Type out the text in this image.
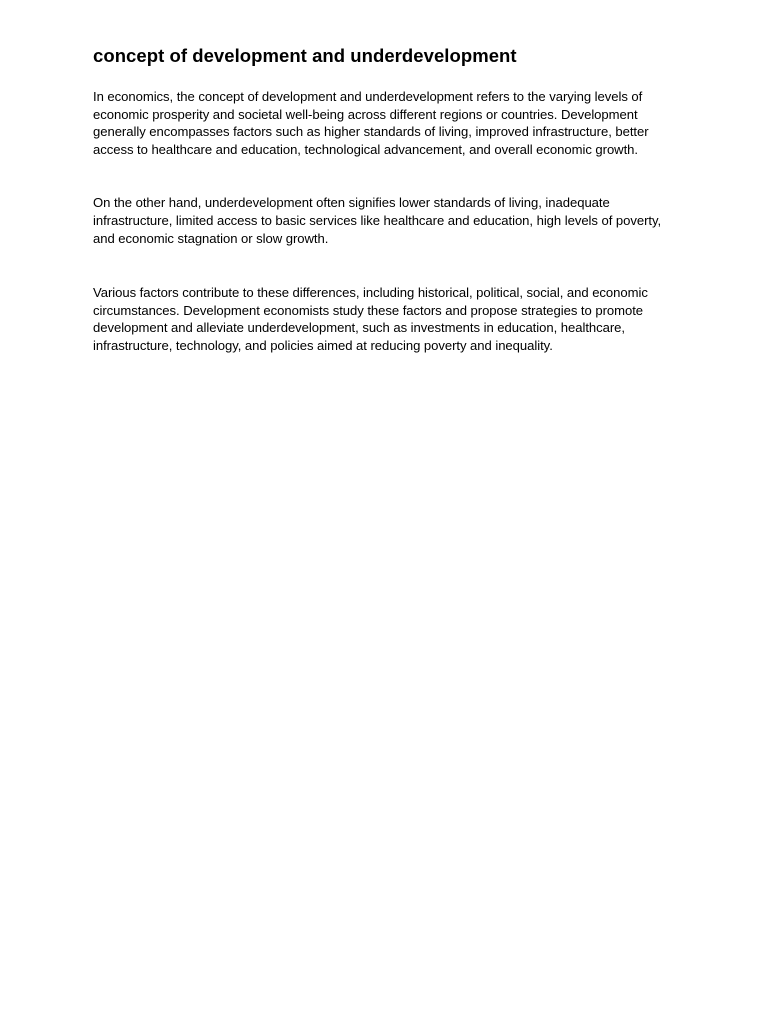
concept of development and underdevelopment

In economics, the concept of development and underdevelopment refers to the varying levels of economic prosperity and societal well-being across different regions or countries. Development generally encompasses factors such as higher standards of living, improved infrastructure, better access to healthcare and education, technological advancement, and overall economic growth.

On the other hand, underdevelopment often signifies lower standards of living, inadequate infrastructure, limited access to basic services like healthcare and education, high levels of poverty, and economic stagnation or slow growth.

Various factors contribute to these differences, including historical, political, social, and economic circumstances. Development economists study these factors and propose strategies to promote development and alleviate underdevelopment, such as investments in education, healthcare, infrastructure, technology, and policies aimed at reducing poverty and inequality.
